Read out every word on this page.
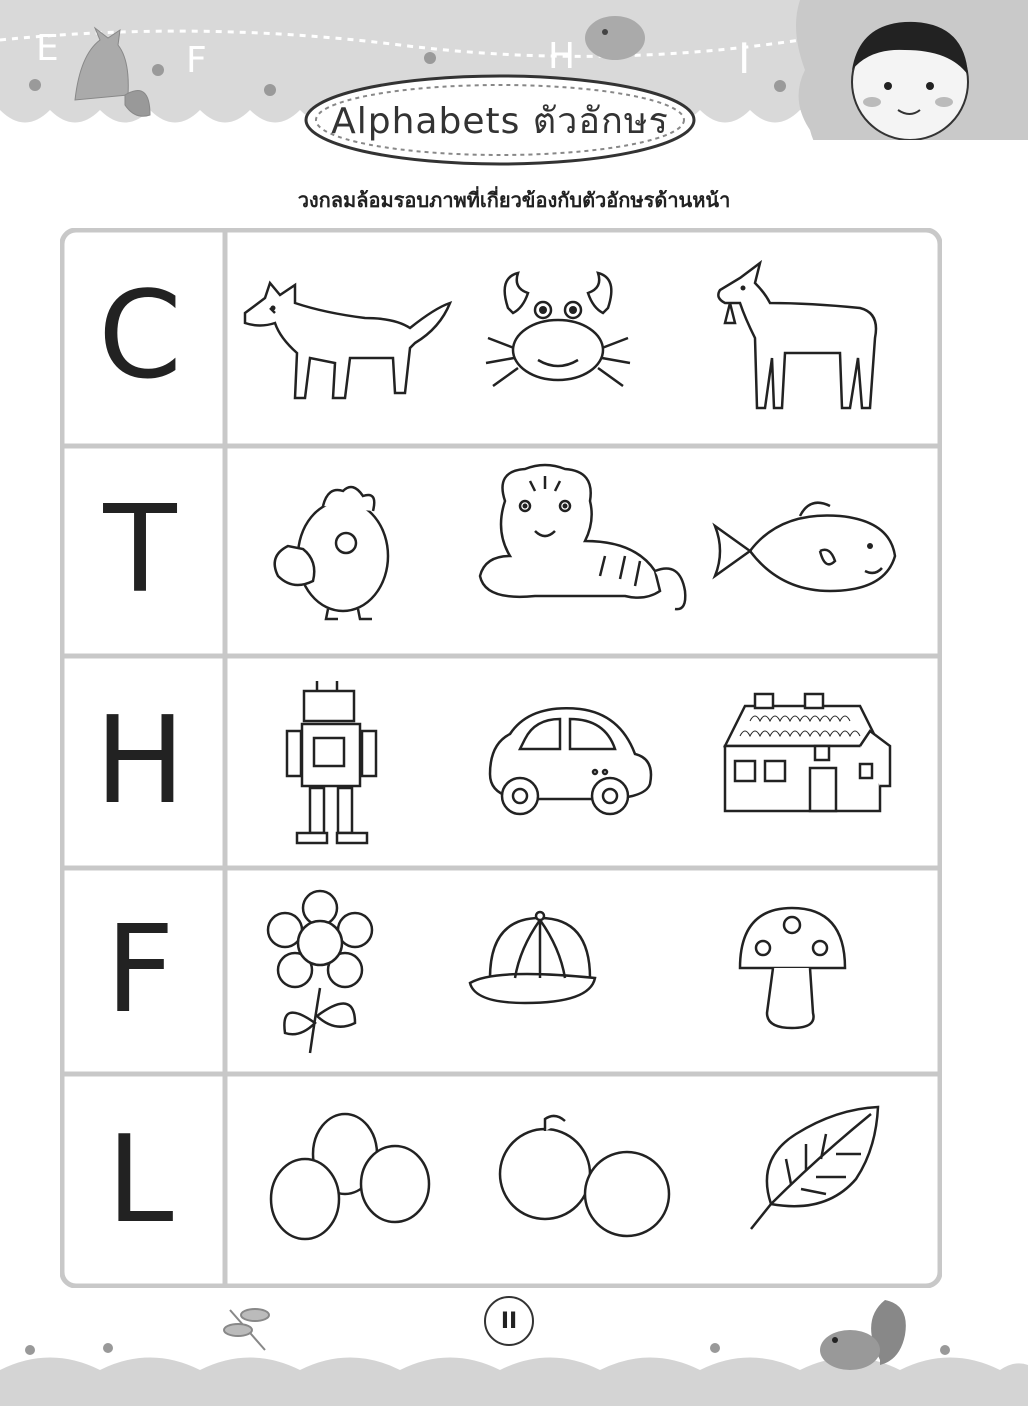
E	F	H	I
Alphabets ตัวอักษร
วงกลมล้อมรอบภาพที่เกี่ยวข้องกับตัวอักษรด้านหน้า
C
T
H
F
L
II
